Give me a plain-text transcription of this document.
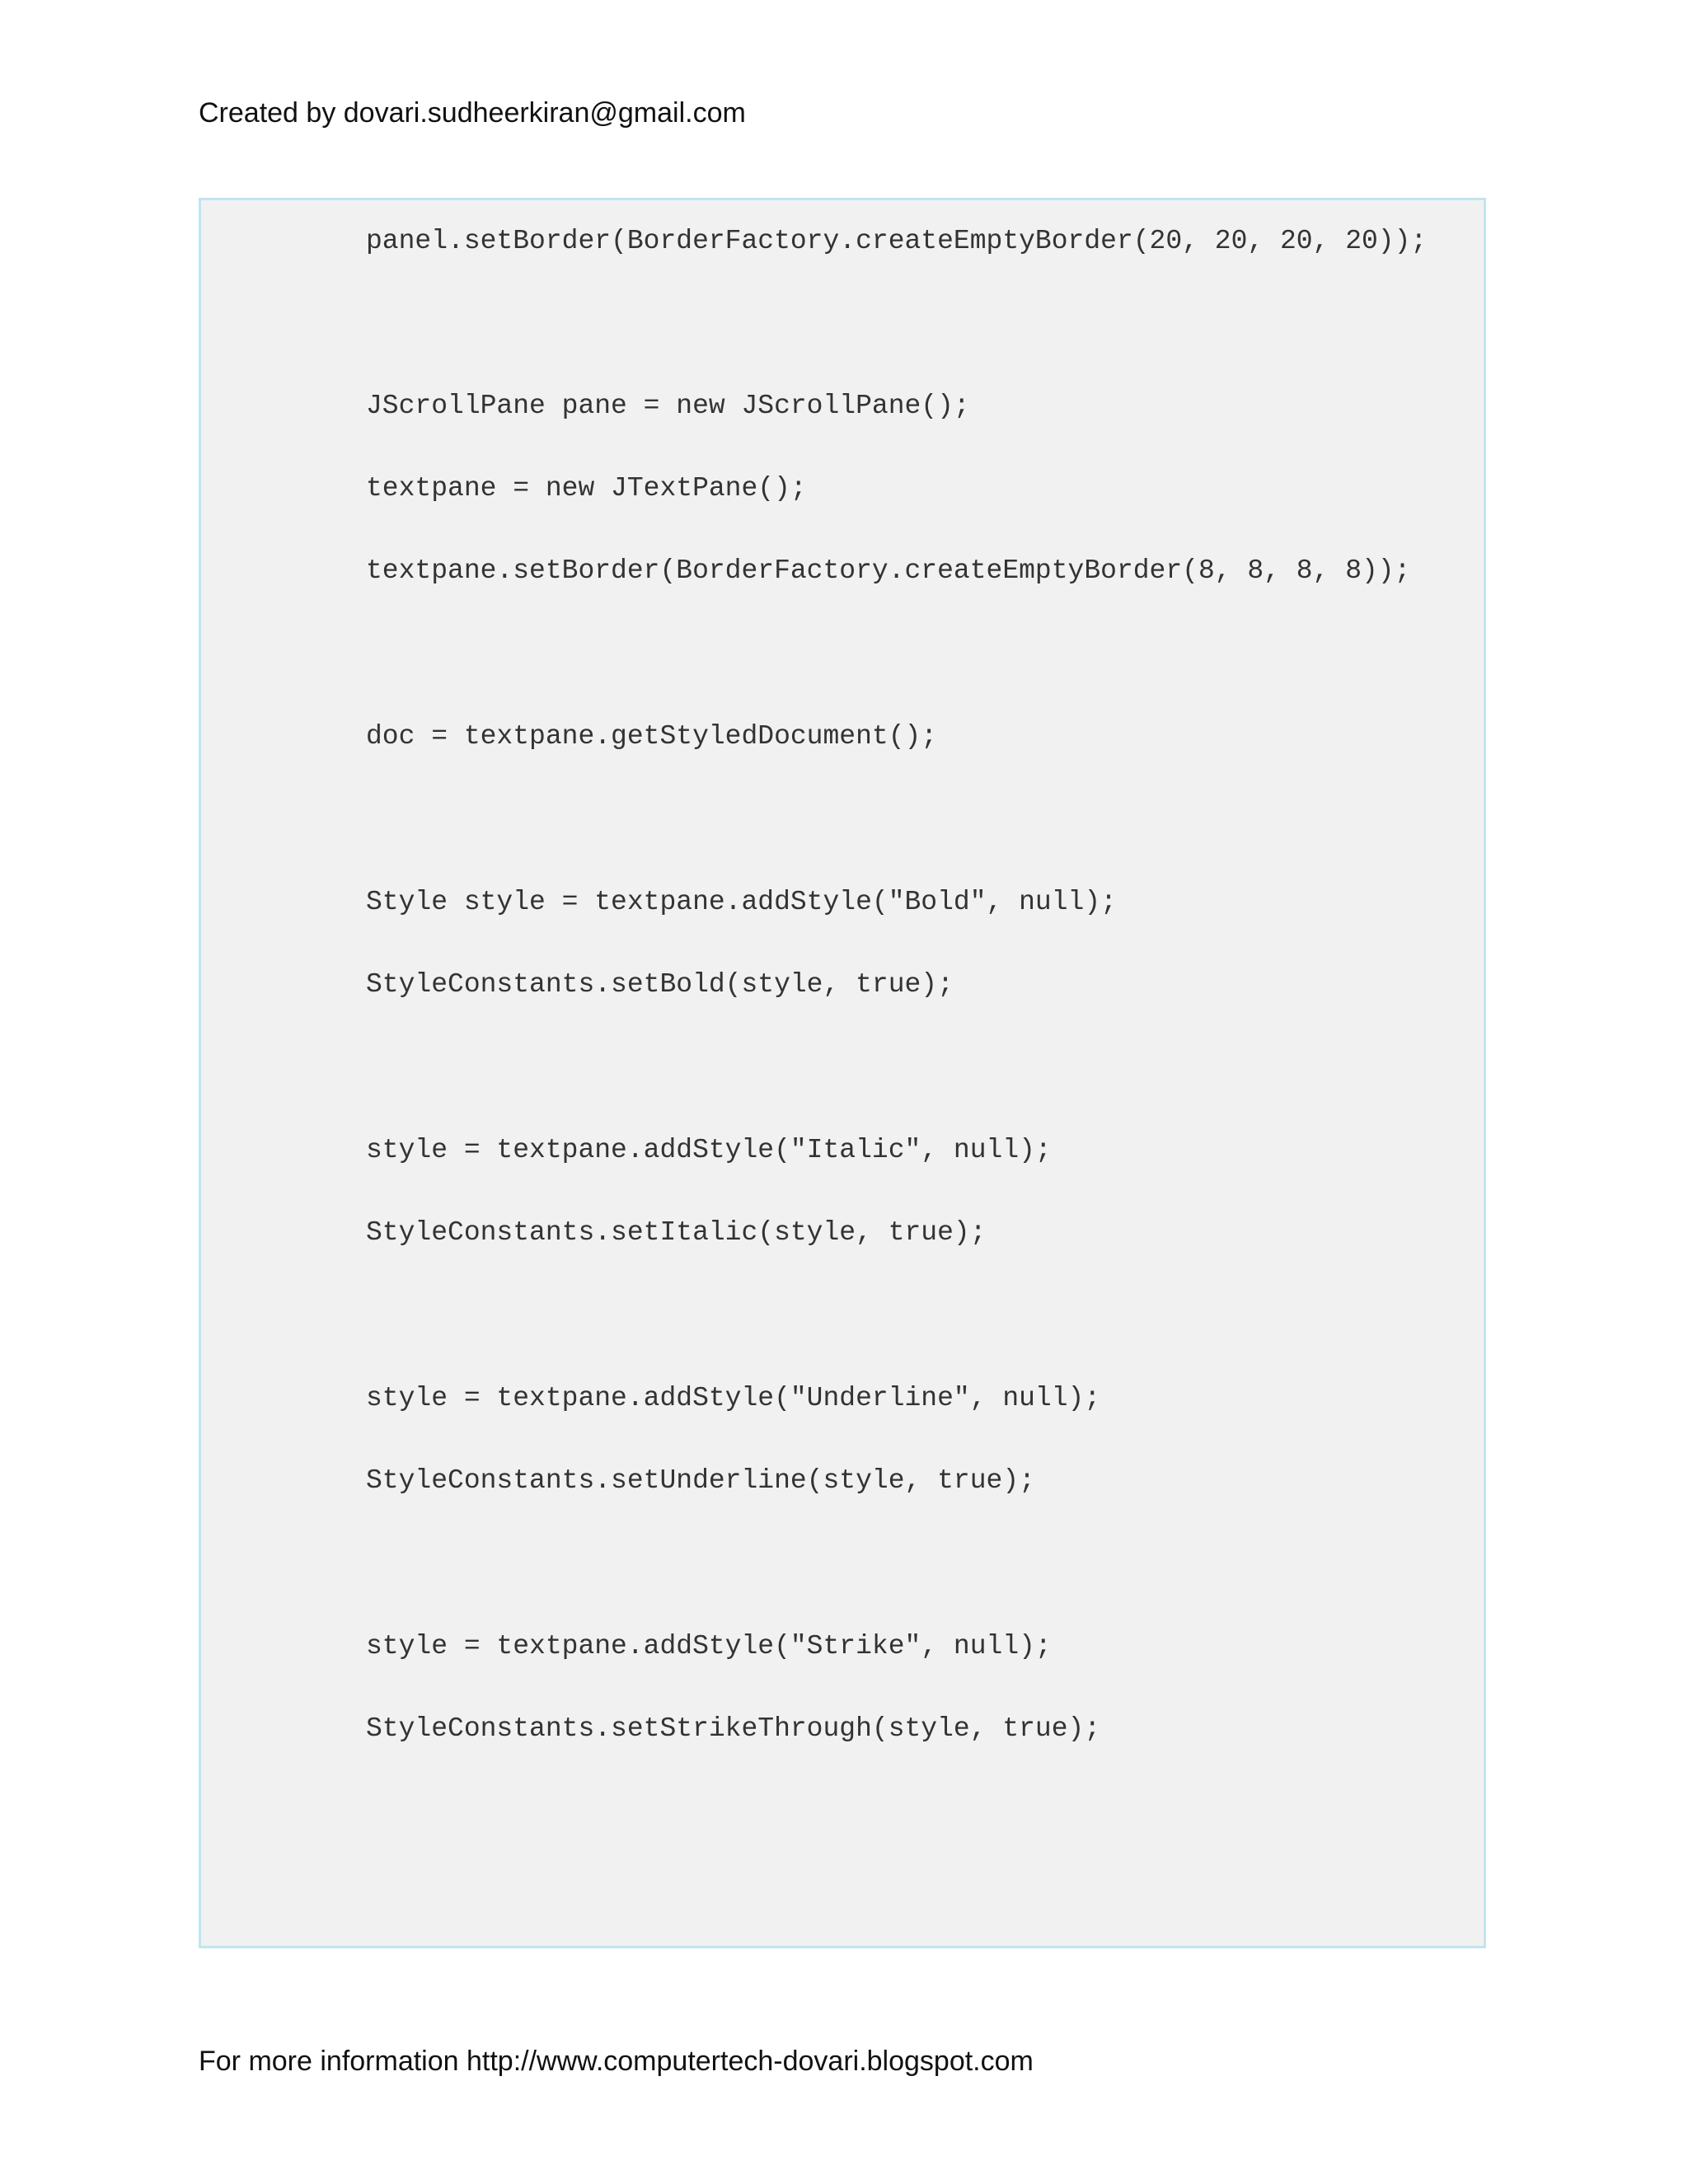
Created by dovari.sudheerkiran@gmail.com
panel.setBorder(BorderFactory.createEmptyBorder(20, 20, 20, 20));
JScrollPane pane = new JScrollPane();
textpane = new JTextPane();
textpane.setBorder(BorderFactory.createEmptyBorder(8, 8, 8, 8));
doc = textpane.getStyledDocument();
Style style = textpane.addStyle("Bold", null);
StyleConstants.setBold(style, true);
style = textpane.addStyle("Italic", null);
StyleConstants.setItalic(style, true);
style = textpane.addStyle("Underline", null);
StyleConstants.setUnderline(style, true);
style = textpane.addStyle("Strike", null);
StyleConstants.setStrikeThrough(style, true);
For more information http://www.computertech-dovari.blogspot.com
